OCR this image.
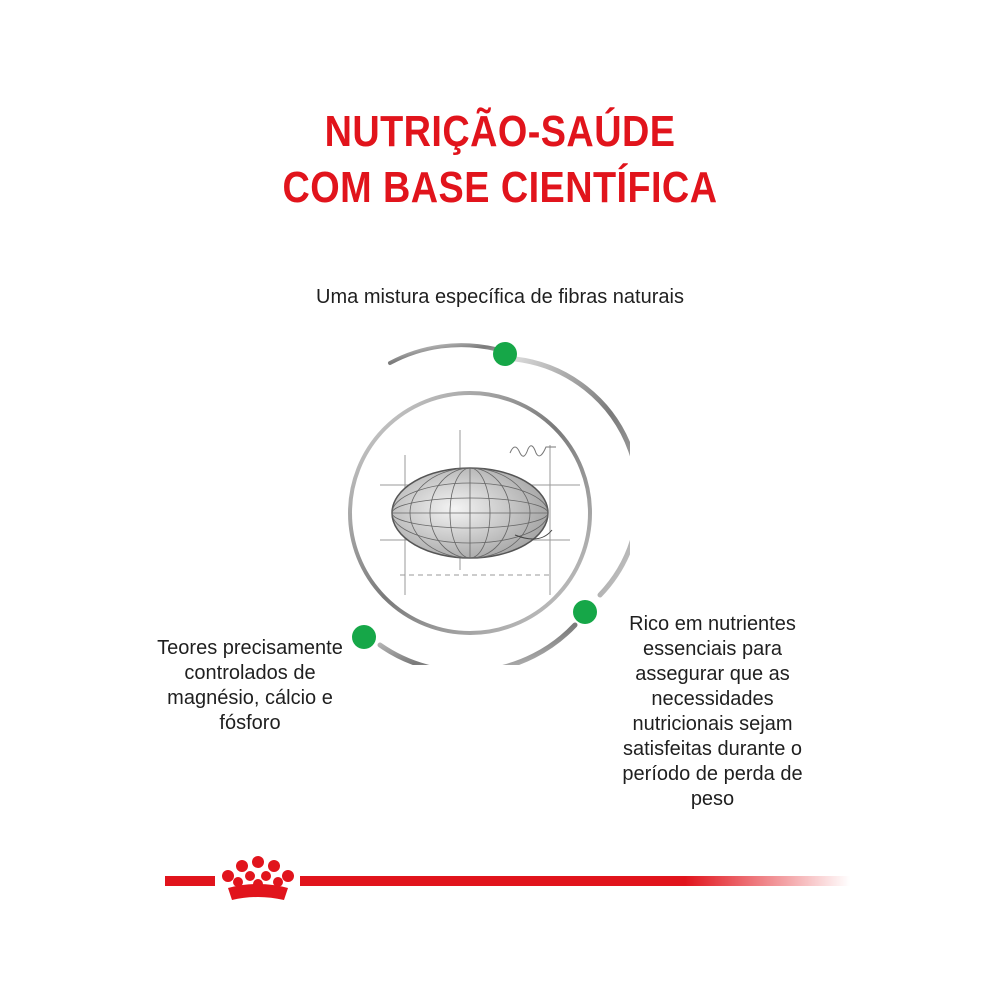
NUTRIÇÃO-SAÚDE
COM BASE CIENTÍFICA
Uma mistura específica de fibras naturais
Teores precisamente controlados de magnésio, cálcio e fósforo
Rico em nutrientes essenciais para assegurar que as necessidades nutricionais sejam satisfeitas durante o período de perda de peso
